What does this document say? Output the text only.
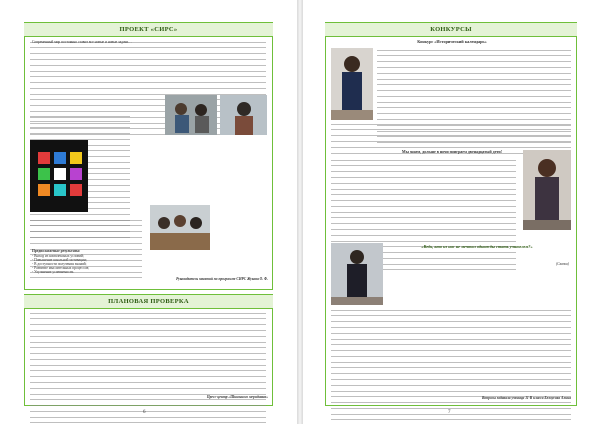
ПРОЕКТ «СИРС»
Современный мир постоянно ставит все новые и новые задачи…
Предполагаемые результаты:
- Выход из комплексных условий;
- Повышение школьной мотивации;
- В доступности получения знаний;
- Развитие мыслительных процессов;
- Улучшение успеваемости.
Руководитель занятий по программе СИРС Жукова О. Ф.
ПЛАНОВАЯ ПРОВЕРКА
Пресс-центр «Школьного меридиана»
6
КОНКУРСЫ
Конкурс «Исторический календарь»
Мы знаем, дольше в ночи поиграем двенадцатый дети!
«Ведь, кто из нас не мечтал однажды стать учителем?»
(Сказка)
Вопросы задавала ученица 11-В класса Белоусова Алина
7
